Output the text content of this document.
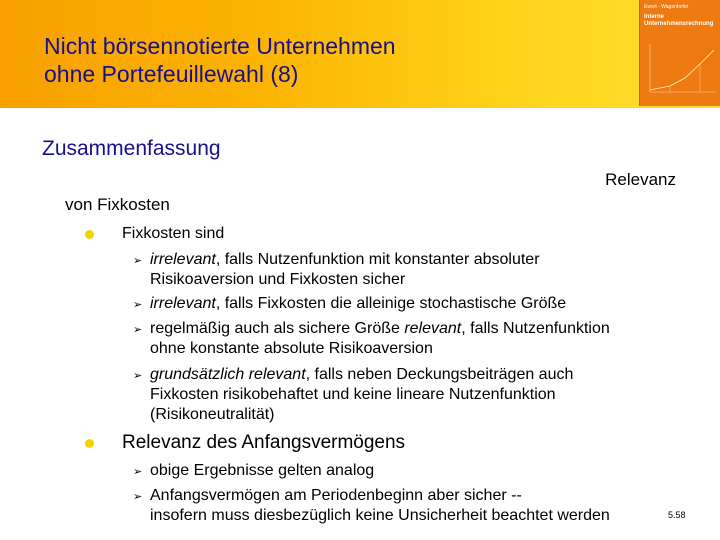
Nicht börsennotierte Unternehmen
ohne Portefeuillewahl (8)
Ewert - Wagenhofer
Interne
Unternehmensrechnung
Zusammenfassung
Relevanz
von Fixkosten
Fixkosten sind
➢ irrelevant, falls Nutzenfunktion mit konstanter absoluter
Risikoaversion und Fixkosten sicher
➢ irrelevant, falls Fixkosten die alleinige stochastische Größe
➢ regelmäßig auch als sichere Größe relevant, falls Nutzenfunktion
ohne konstante absolute Risikoaversion
➢ grundsätzlich relevant, falls neben Deckungsbeiträgen auch
Fixkosten risikobehaftet und keine lineare Nutzenfunktion
(Risikoneutralität)
Relevanz des Anfangsvermögens
➢ obige Ergebnisse gelten analog
➢ Anfangsvermögen am Periodenbeginn aber sicher --
insofern muss diesbezüglich keine Unsicherheit beachtet werden	5.58
